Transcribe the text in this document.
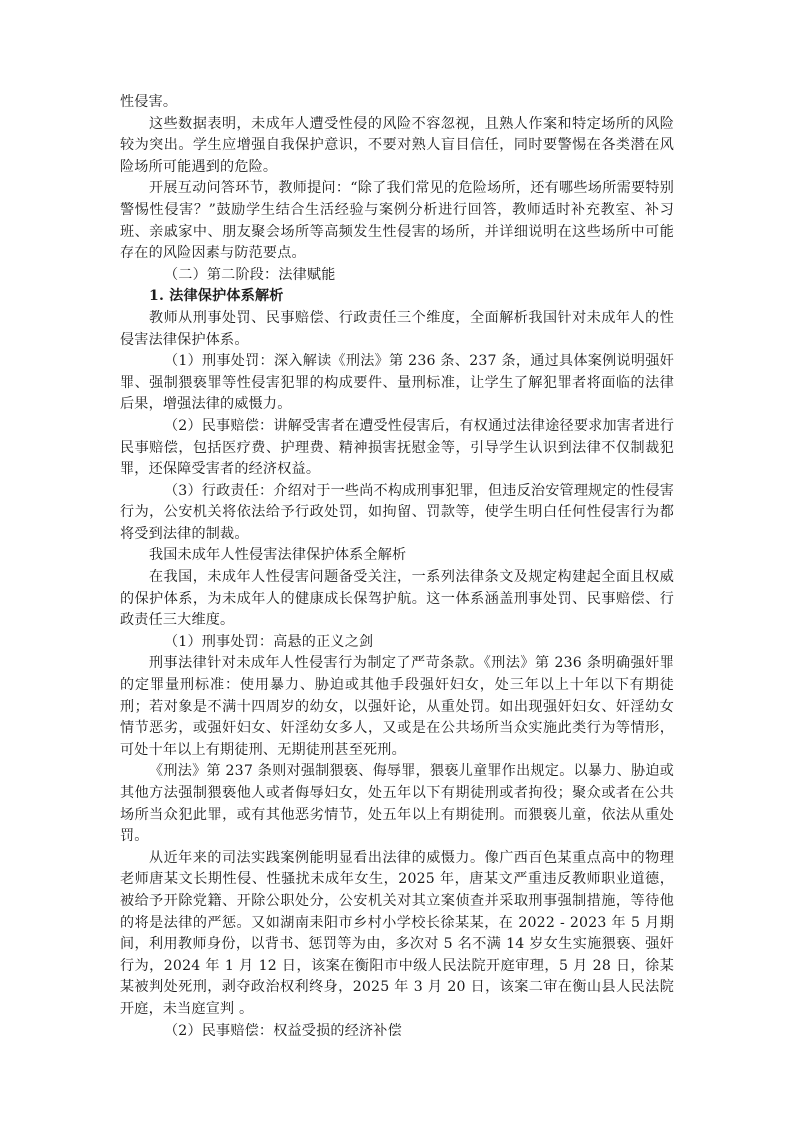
性侵害。

这些数据表明，未成年人遭受性侵的风险不容忽视，且熟人作案和特定场所的风险较为突出。学生应增强自我保护意识，不要对熟人盲目信任，同时要警惕在各类潜在风险场所可能遇到的危险。

开展互动问答环节，教师提问：“除了我们常见的危险场所，还有哪些场所需要特别警惕性侵害？”鼓励学生结合生活经验与案例分析进行回答，教师适时补充教室、补习班、亲戚家中、朋友聚会场所等高频发生性侵害的场所，并详细说明在这些场所中可能存在的风险因素与防范要点。

（二）第二阶段：法律赋能

1. 法律保护体系解析

教师从刑事处罚、民事赔偿、行政责任三个维度，全面解析我国针对未成年人的性侵害法律保护体系。

（1）刑事处罚：深入解读《刑法》第 236 条、237 条，通过具体案例说明强奸罪、强制猥亵罪等性侵害犯罪的构成要件、量刑标准，让学生了解犯罪者将面临的法律后果，增强法律的威慑力。

（2）民事赔偿：讲解受害者在遭受性侵害后，有权通过法律途径要求加害者进行民事赔偿，包括医疗费、护理费、精神损害抚慰金等，引导学生认识到法律不仅制裁犯罪，还保障受害者的经济权益。

（3）行政责任：介绍对于一些尚不构成刑事犯罪，但违反治安管理规定的性侵害行为，公安机关将依法给予行政处罚，如拘留、罚款等，使学生明白任何性侵害行为都将受到法律的制裁。

我国未成年人性侵害法律保护体系全解析

在我国，未成年人性侵害问题备受关注，一系列法律条文及规定构建起全面且权威的保护体系，为未成年人的健康成长保驾护航。这一体系涵盖刑事处罚、民事赔偿、行政责任三大维度。

（1）刑事处罚：高悬的正义之剑

刑事法律针对未成年人性侵害行为制定了严苛条款。《刑法》第 236 条明确强奸罪的定罪量刑标准：使用暴力、胁迫或其他手段强奸妇女，处三年以上十年以下有期徒刑；若对象是不满十四周岁的幼女，以强奸论，从重处罚。如出现强奸妇女、奸淫幼女情节恶劣，或强奸妇女、奸淫幼女多人，又或是在公共场所当众实施此类行为等情形，可处十年以上有期徒刑、无期徒刑甚至死刑。

《刑法》第 237 条则对强制猥亵、侮辱罪，猥亵儿童罪作出规定。以暴力、胁迫或其他方法强制猥亵他人或者侮辱妇女，处五年以下有期徒刑或者拘役；聚众或者在公共场所当众犯此罪，或有其他恶劣情节，处五年以上有期徒刑。而猥亵儿童，依法从重处罚。

从近年来的司法实践案例能明显看出法律的威慑力。像广西百色某重点高中的物理老师唐某文长期性侵、性骚扰未成年女生，2025 年，唐某文严重违反教师职业道德，被给予开除党籍、开除公职处分，公安机关对其立案侦查并采取刑事强制措施，等待他的将是法律的严惩。又如湖南耒阳市乡村小学校长徐某某，在 2022 - 2023 年 5 月期间，利用教师身份，以背书、惩罚等为由，多次对 5 名不满 14 岁女生实施猥亵、强奸行为，2024 年 1 月 12 日，该案在衡阳市中级人民法院开庭审理，5 月 28 日，徐某某被判处死刑，剥夺政治权利终身，2025 年 3 月 20 日，该案二审在衡山县人民法院开庭，未当庭宣判 。

（2）民事赔偿：权益受损的经济补偿
